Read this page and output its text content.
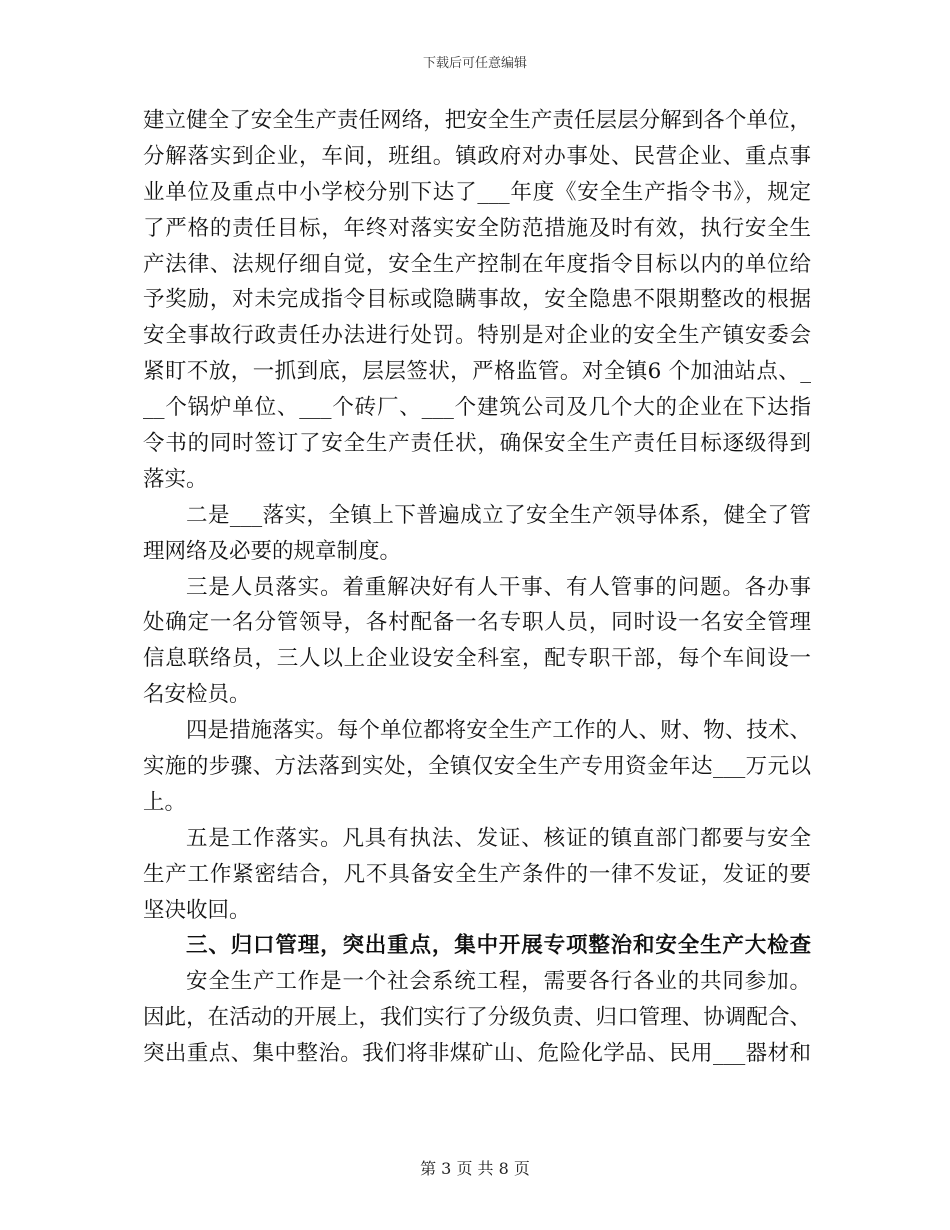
下载后可任意编辑
建立健全了安全生产责任网络，把安全生产责任层层分解到各个单位，
分解落实到企业，车间，班组。镇政府对办事处、民营企业、重点事
业单位及重点中小学校分别下达了___年度《安全生产指令书》，规定
了严格的责任目标，年终对落实安全防范措施及时有效，执行安全生
产法律、法规仔细自觉，安全生产控制在年度指令目标以内的单位给
予奖励，对未完成指令目标或隐瞒事故，安全隐患不限期整改的根据
安全事故行政责任办法进行处罚。特别是对企业的安全生产镇安委会
紧盯不放，一抓到底，层层签状，严格监管。对全镇6 个加油站点、_
__个锅炉单位、___个砖厂、___个建筑公司及几个大的企业在下达指
令书的同时签订了安全生产责任状，确保安全生产责任目标逐级得到
落实。
二是___落实，全镇上下普遍成立了安全生产领导体系，健全了管
理网络及必要的规章制度。
三是人员落实。着重解决好有人干事、有人管事的问题。各办事
处确定一名分管领导，各村配备一名专职人员，同时设一名安全管理
信息联络员，三人以上企业设安全科室，配专职干部，每个车间设一
名安检员。
四是措施落实。每个单位都将安全生产工作的人、财、物、技术、
实施的步骤、方法落到实处，全镇仅安全生产专用资金年达___万元以
上。
五是工作落实。凡具有执法、发证、核证的镇直部门都要与安全
生产工作紧密结合，凡不具备安全生产条件的一律不发证，发证的要
坚决收回。
三、归口管理，突出重点，集中开展专项整治和安全生产大检查
安全生产工作是一个社会系统工程，需要各行各业的共同参加。
因此，在活动的开展上，我们实行了分级负责、归口管理、协调配合、
突出重点、集中整治。我们将非煤矿山、危险化学品、民用___器材和
第 3 页 共 8 页
